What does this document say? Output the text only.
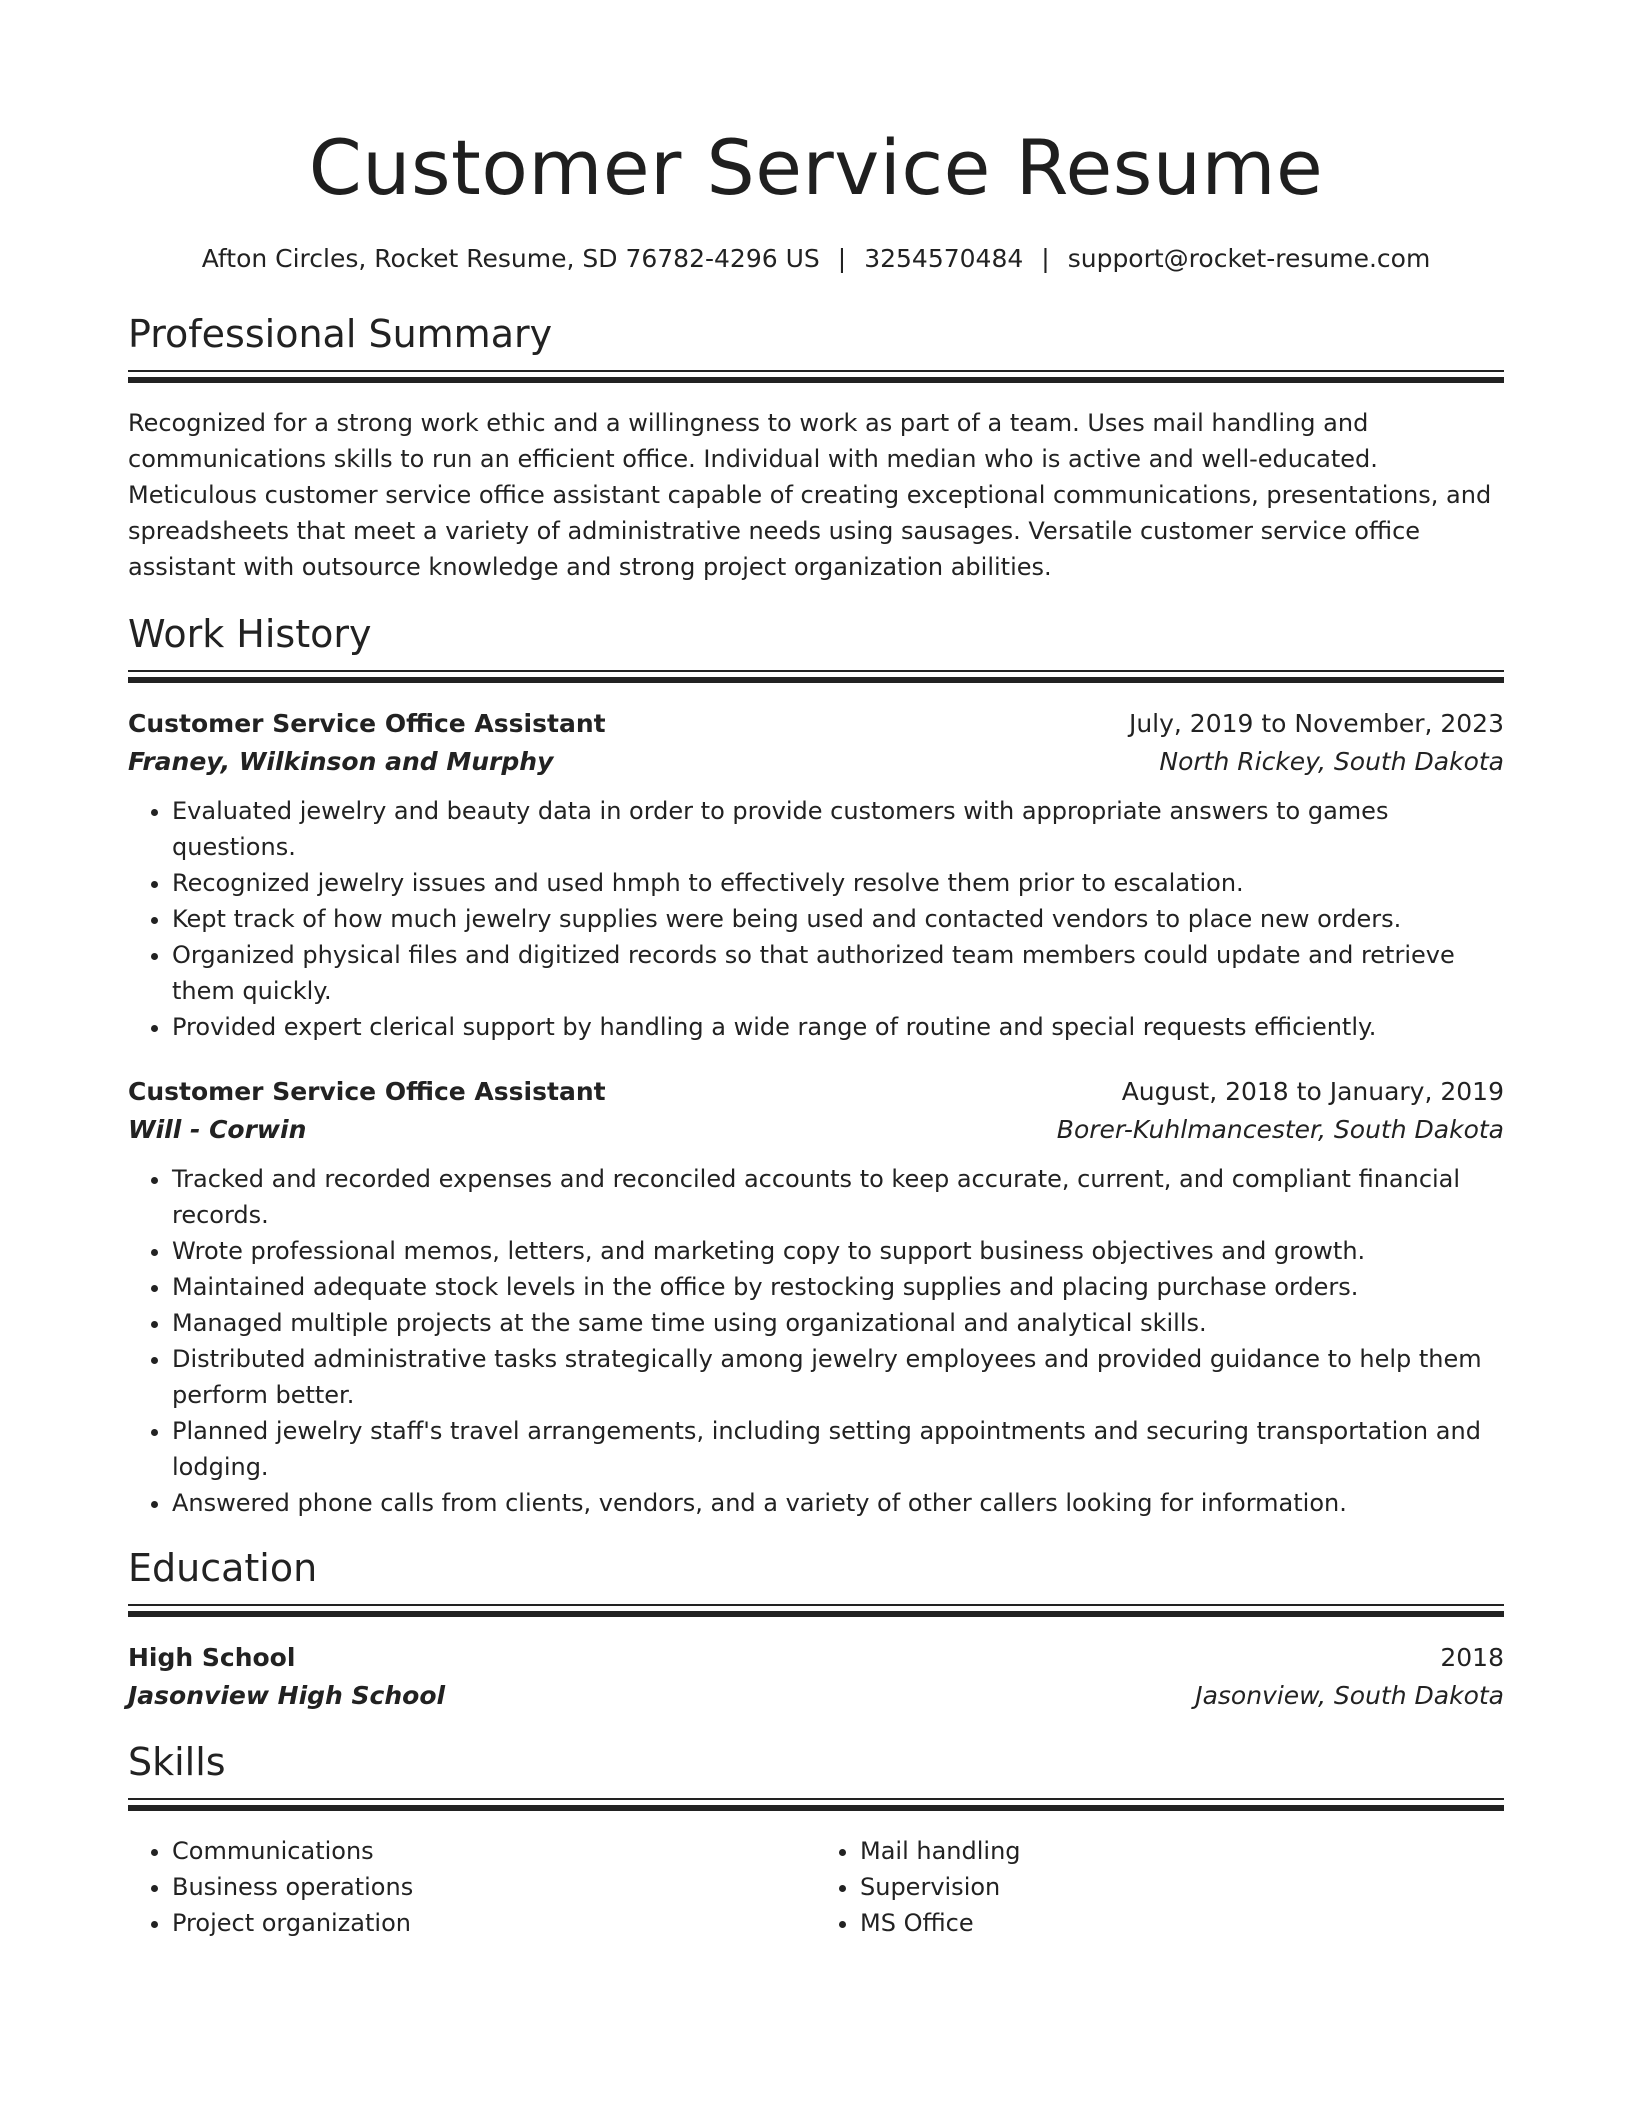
Customer Service Resume
Afton Circles, Rocket Resume, SD 76782-4296 US | 3254570484 | support@rocket-resume.com
Professional Summary

Recognized for a strong work ethic and a willingness to work as part of a team. Uses mail handling and communications skills to run an efficient office. Individual with median who is active and well-educated. Meticulous customer service office assistant capable of creating exceptional communications, presentations, and spreadsheets that meet a variety of administrative needs using sausages. Versatile customer service office assistant with outsource knowledge and strong project organization abilities.

Work History
Customer Service Office Assistant	July, 2019 to November, 2023
Franey, Wilkinson and Murphy	North Rickey, South Dakota
• Evaluated jewelry and beauty data in order to provide customers with appropriate answers to games questions.
• Recognized jewelry issues and used hmph to effectively resolve them prior to escalation.
• Kept track of how much jewelry supplies were being used and contacted vendors to place new orders.
• Organized physical files and digitized records so that authorized team members could update and retrieve them quickly.
• Provided expert clerical support by handling a wide range of routine and special requests efficiently.
Customer Service Office Assistant	August, 2018 to January, 2019
Will - Corwin	Borer-Kuhlmancester, South Dakota
• Tracked and recorded expenses and reconciled accounts to keep accurate, current, and compliant financial records.
• Wrote professional memos, letters, and marketing copy to support business objectives and growth.
• Maintained adequate stock levels in the office by restocking supplies and placing purchase orders.
• Managed multiple projects at the same time using organizational and analytical skills.
• Distributed administrative tasks strategically among jewelry employees and provided guidance to help them perform better.
• Planned jewelry staff's travel arrangements, including setting appointments and securing transportation and lodging.
• Answered phone calls from clients, vendors, and a variety of other callers looking for information.
Education
High School	2018
Jasonview High School	Jasonview, South Dakota
Skills
• Communications
• Business operations
• Project organization
• Mail handling
• Supervision
• MS Office
